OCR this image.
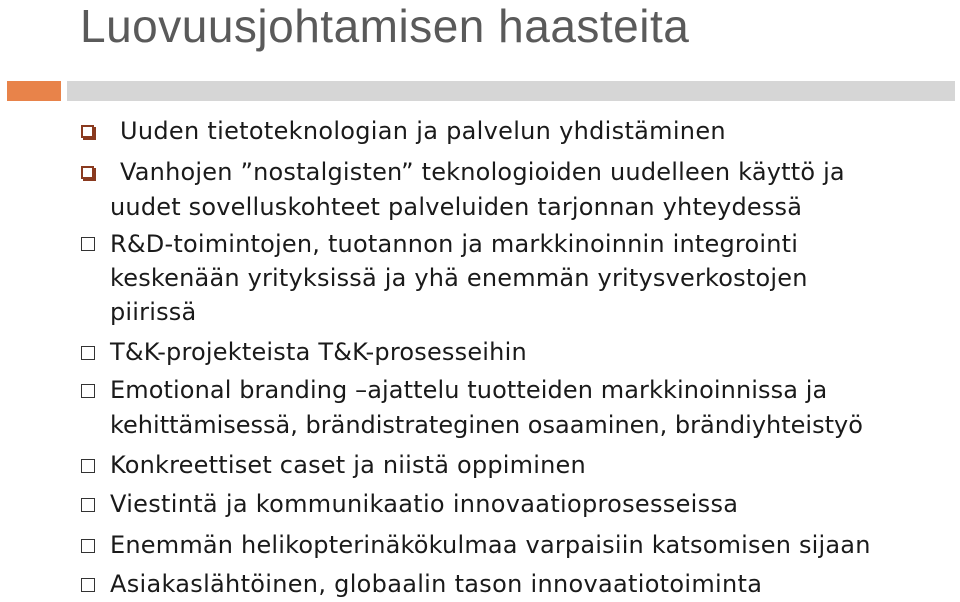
Luovuusjohtamisen haasteita
Uuden tietoteknologian ja palvelun yhdistäminen
Vanhojen ”nostalgisten” teknologioiden uudelleen käyttö ja
uudet sovelluskohteet palveluiden tarjonnan yhteydessä
R&D-toimintojen, tuotannon ja markkinoinnin integrointi
keskenään yrityksissä ja yhä enemmän yritysverkostojen
piirissä
T&K-projekteista T&K-prosesseihin
Emotional branding –ajattelu tuotteiden markkinoinnissa ja
kehittämisessä, brändistrateginen osaaminen, brändiyhteistyö
Konkreettiset caset ja niistä oppiminen
Viestintä ja kommunikaatio innovaatioprosesseissa
Enemmän helikopterinäkökulmaa varpaisiin katsomisen sijaan
Asiakaslähtöinen, globaalin tason innovaatiotoiminta
